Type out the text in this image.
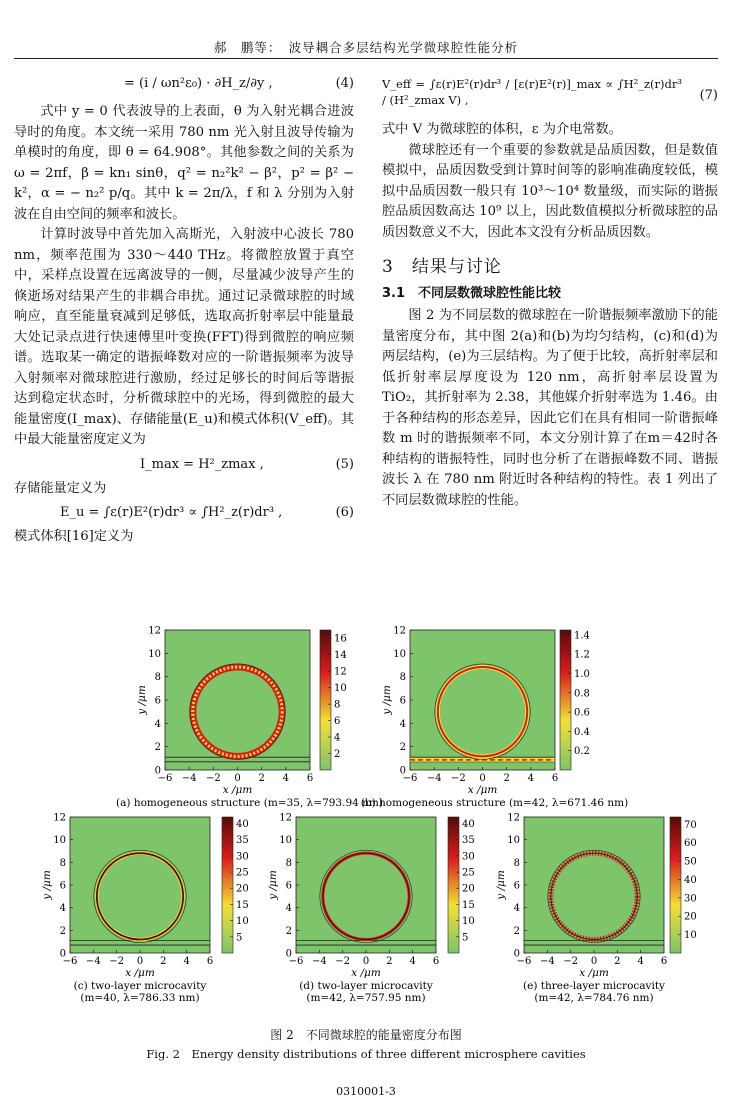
郝　鹏等：　波导耦合多层结构光学微球腔性能分析
= (i / ωn²ε₀) · ∂H_z/∂y ,	(4)

式中 y = 0 代表波导的上表面，θ 为入射光耦合进波导时的角度。本文统一采用 780 nm 光入射且波导传输为单模时的角度，即 θ = 64.908°。其他参数之间的关系为 ω = 2πf，β = kn₁ sinθ，q² = n₂²k² − β²，p² = β² − k²，α = − n₂² p/q。其中 k = 2π/λ，f 和 λ 分别为入射波在自由空间的频率和波长。

计算时波导中首先加入高斯光，入射波中心波长 780 nm，频率范围为 330～440 THz。将微腔放置于真空中，采样点设置在远离波导的一侧，尽量减少波导产生的倏逝场对结果产生的非耦合串扰。通过记录微球腔的时域响应，直至能量衰减到足够低，选取高折射率层中能量最大处记录点进行快速傅里叶变换(FFT)得到微腔的响应频谱。选取某一确定的谐振峰数对应的一阶谐振频率为波导入射频率对微球腔进行激励，经过足够长的时间后等谐振达到稳定状态时，分析微球腔中的光场，得到微腔的最大能量密度(I_max)、存储能量(E_u)和模式体积(V_eff)。其中最大能量密度定义为

I_max = H²_zmax ,	(5)

存储能量定义为

E_u = ∫ε(r)E²(r)dr³ ∝ ∫H²_z(r)dr³ ,	(6)

模式体积[16]定义为

V_eff = ∫ε(r)E²(r)dr³ / [ε(r)E²(r)]_max ∝ ∫H²_z(r)dr³ / (H²_zmax V) ,	(7)

式中 V 为微球腔的体积，ε 为介电常数。

微球腔还有一个重要的参数就是品质因数，但是数值模拟中，品质因数受到计算时间等的影响准确度较低，模拟中品质因数一般只有 10³～10⁴ 数量级，而实际的谐振腔品质因数高达 10⁹ 以上，因此数值模拟分析微球腔的品质因数意义不大，因此本文没有分析品质因数。

3　结果与讨论
3.1　不同层数微球腔性能比较

图 2 为不同层数的微球腔在一阶谐振频率激励下的能量密度分布，其中图 2(a)和(b)为均匀结构，(c)和(d)为两层结构，(e)为三层结构。为了便于比较，高折射率层和低折射率层厚度设为 120 nm，高折射率层设置为 TiO₂，其折射率为 2.38，其他媒介折射率选为 1.46。由于各种结构的形态差异，因此它们在具有相同一阶谐振峰数 m 时的谐振频率不同，本文分别计算了在m＝42时各种结构的谐振特性，同时也分析了在谐振峰数不同、谐振波长 λ 在 780 nm 附近时各种结构的特性。表 1 列出了不同层数微球腔的性能。

−6 −4 −2 0 2 4 6
0
2
4
6
8
10
12
x /μm
y /μm
2
4
6
8
10
12
14
16
(a) homogeneous structure (m=35, λ=793.94 nm)
−6 −4 −2 0 2 4 6
0
2
4
6
8
10
12
x /μm
y /μm
0.2
0.4
0.6
0.8
1.0
1.2
1.4
(b) homogeneous structure (m=42, λ=671.46 nm)
−6 −4 −2 0 2 4 6
0
2
4
6
8
10
12
x /μm
y /μm
5
10
15
20
25
30
35
40
(c) two-layer microcavity
(m=40, λ=786.33 nm)
−6 −4 −2 0 2 4 6
0
2
4
6
8
10
12
x /μm
y /μm
5
10
15
20
25
30
35
40
(d) two-layer microcavity
(m=42, λ=757.95 nm)
−6 −4 −2 0 2 4 6
0
2
4
6
8
10
12
x /μm
y /μm
10
20
30
40
50
60
70
(e) three-layer microcavity
(m=42, λ=784.76 nm)
图 2　不同微球腔的能量密度分布图
Fig. 2　Energy density distributions of three different microsphere cavities
0310001-3
